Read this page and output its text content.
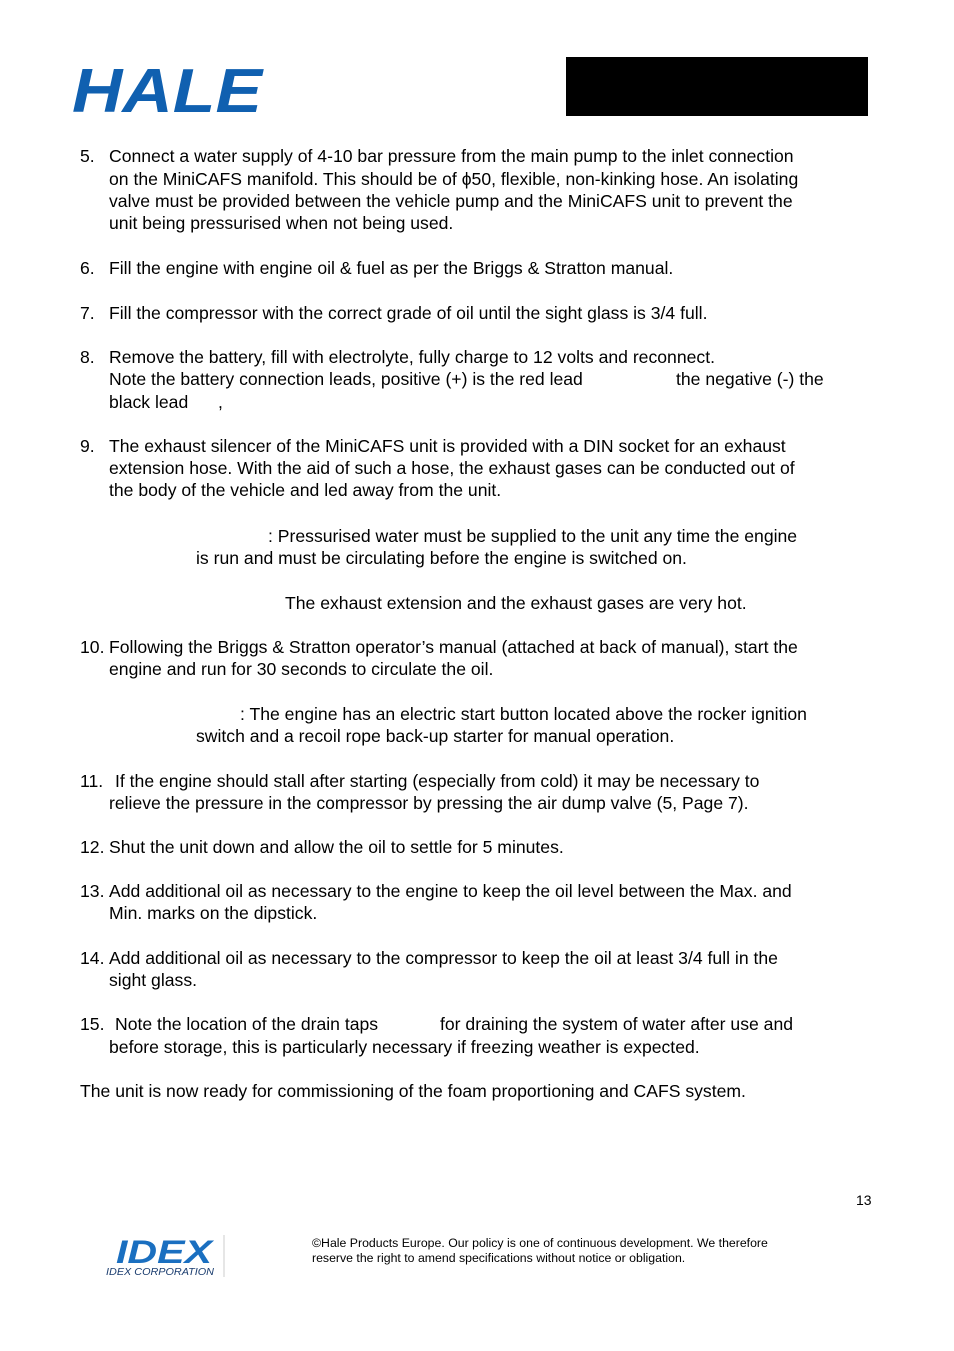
HALE
5. Connect a water supply of 4-10 bar pressure from the main pump to the inlet connection
on the MiniCAFS manifold. This should be of ϕ50, flexible, non-kinking hose. An isolating
valve must be provided between the vehicle pump and the MiniCAFS unit to prevent the
unit being pressurised when not being used.
6. Fill the engine with engine oil & fuel as per the Briggs & Stratton manual.
7. Fill the compressor with the correct grade of oil until the sight glass is 3/4 full.
8. Remove the battery, fill with electrolyte, fully charge to 12 volts and reconnect.
Note the battery connection leads, positive (+) is the red lead	the negative (-) the
black lead ,
9. The exhaust silencer of the MiniCAFS unit is provided with a DIN socket for an exhaust
extension hose. With the aid of such a hose, the exhaust gases can be conducted out of
the body of the vehicle and led away from the unit.
: Pressurised water must be supplied to the unit any time the engine
is run and must be circulating before the engine is switched on.
The exhaust extension and the exhaust gases are very hot.
10. Following the Briggs & Stratton operator’s manual (attached at back of manual), start the
engine and run for 30 seconds to circulate the oil.
: The engine has an electric start button located above the rocker ignition
switch and a recoil rope back-up starter for manual operation.
11. If the engine should stall after starting (especially from cold) it may be necessary to
relieve the pressure in the compressor by pressing the air dump valve (5, Page 7).
12. Shut the unit down and allow the oil to settle for 5 minutes.
13. Add additional oil as necessary to the engine to keep the oil level between the Max. and
Min. marks on the dipstick.
14. Add additional oil as necessary to the compressor to keep the oil at least 3/4 full in the
sight glass.
15. Note the location of the drain taps	for draining the system of water after use and
before storage, this is particularly necessary if freezing weather is expected.
The unit is now ready for commissioning of the foam proportioning and CAFS system.
13
IDEX
IDEX CORPORATION
©Hale Products Europe. Our policy is one of continuous development. We therefore
reserve the right to amend specifications without notice or obligation.
